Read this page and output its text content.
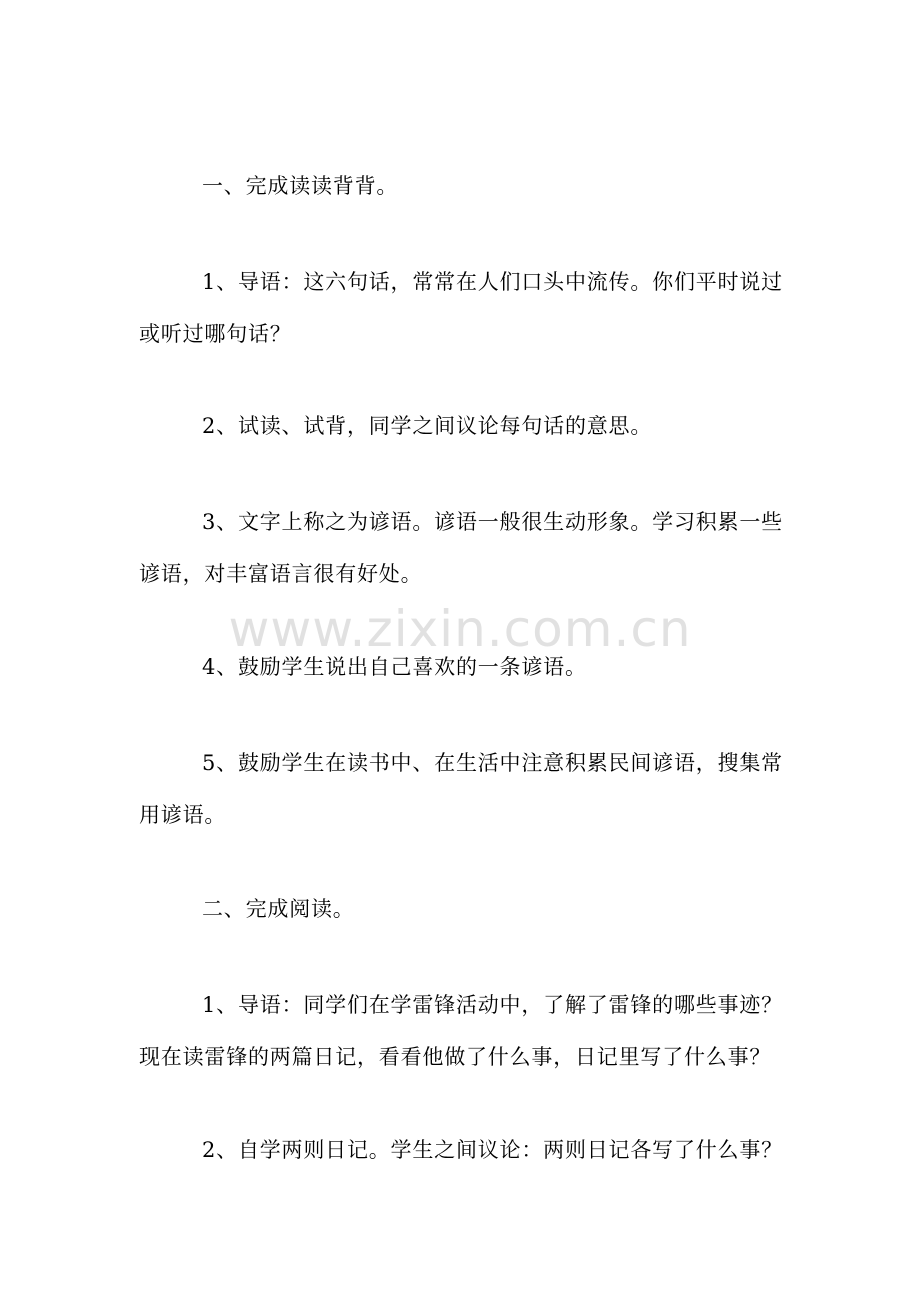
一、完成读读背背。

1、导语：这六句话，常常在人们口头中流传。你们平时说过或听过哪句话？

2、试读、试背，同学之间议论每句话的意思。

3、文字上称之为谚语。谚语一般很生动形象。学习积累一些谚语，对丰富语言很有好处。

4、鼓励学生说出自己喜欢的一条谚语。

5、鼓励学生在读书中、在生活中注意积累民间谚语，搜集常用谚语。

二、完成阅读。

1、导语：同学们在学雷锋活动中，了解了雷锋的哪些事迹？现在读雷锋的两篇日记，看看他做了什么事，日记里写了什么事？

2、自学两则日记。学生之间议论：两则日记各写了什么事？

www.zixin.com.cn
